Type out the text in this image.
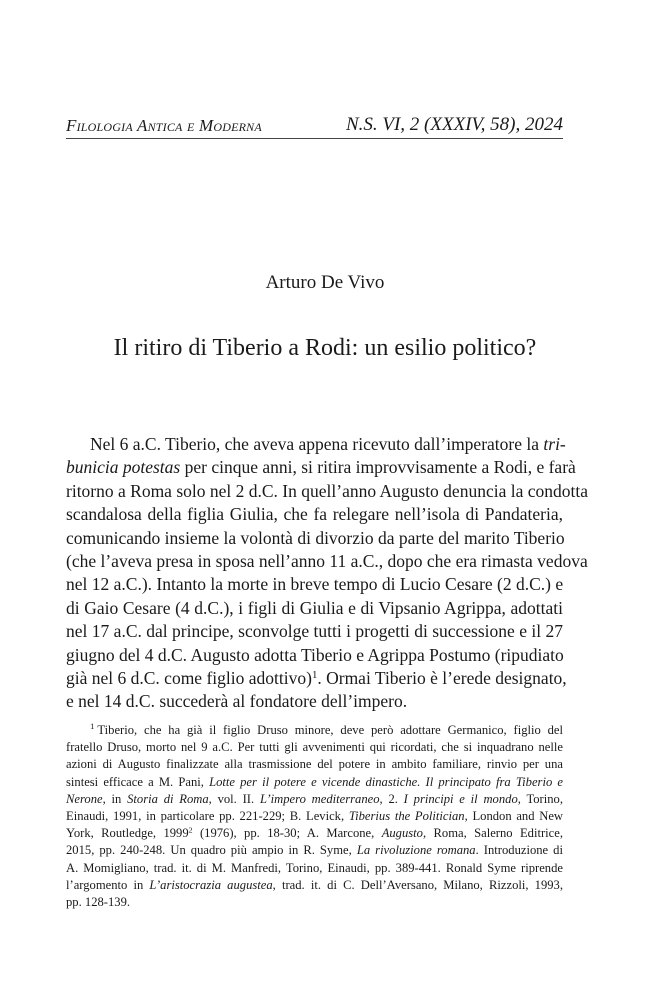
Filologia Antica e Moderna	N.S. VI, 2 (XXXIV, 58), 2024
Arturo De Vivo
Il ritiro di Tiberio a Rodi: un esilio politico?
Nel 6 a.C. Tiberio, che aveva appena ricevuto dall’imperatore la tri-
bunicia potestas per cinque anni, si ritira improvvisamente a Rodi, e farà
ritorno a Roma solo nel 2 d.C. In quell’anno Augusto denuncia la condotta
scandalosa della figlia Giulia, che fa relegare nell’isola di Pandateria,
comunicando insieme la volontà di divorzio da parte del marito Tiberio
(che l’aveva presa in sposa nell’anno 11 a.C., dopo che era rimasta vedova
nel 12 a.C.). Intanto la morte in breve tempo di Lucio Cesare (2 d.C.) e
di Gaio Cesare (4 d.C.), i figli di Giulia e di Vipsanio Agrippa, adottati
nel 17 a.C. dal principe, sconvolge tutti i progetti di successione e il 27
giugno del 4 d.C. Augusto adotta Tiberio e Agrippa Postumo (ripudiato
già nel 6 d.C. come figlio adottivo)$^1$. Ormai Tiberio è l’erede designato,
e nel 14 d.C. succederà al fondatore dell’impero.
$^1$ Tiberio, che ha già il figlio Druso minore, deve però adottare Germanico, figlio del
fratello Druso, morto nel 9 a.C. Per tutti gli avvenimenti qui ricordati, che si inquadrano nelle
azioni di Augusto finalizzate alla trasmissione del potere in ambito familiare, rinvio per una
sintesi efficace a M. Pani, Lotte per il potere e vicende dinastiche. Il principato fra Tiberio e
Nerone, in Storia di Roma, vol. II. L’impero mediterraneo, 2. I principi e il mondo, Torino,
Einaudi, 1991, in particolare pp. 221-229; B. Levick, Tiberius the Politician, London and New
York, Routledge, 1999$^2$ (1976), pp. 18-30; A. Marcone, Augusto, Roma, Salerno Editrice,
2015, pp. 240-248. Un quadro più ampio in R. Syme, La rivoluzione romana. Introduzione di
A. Momigliano, trad. it. di M. Manfredi, Torino, Einaudi, pp. 389-441. Ronald Syme riprende
l’argomento in L’aristocrazia augustea, trad. it. di C. Dell’Aversano, Milano, Rizzoli, 1993,
pp. 128-139.
